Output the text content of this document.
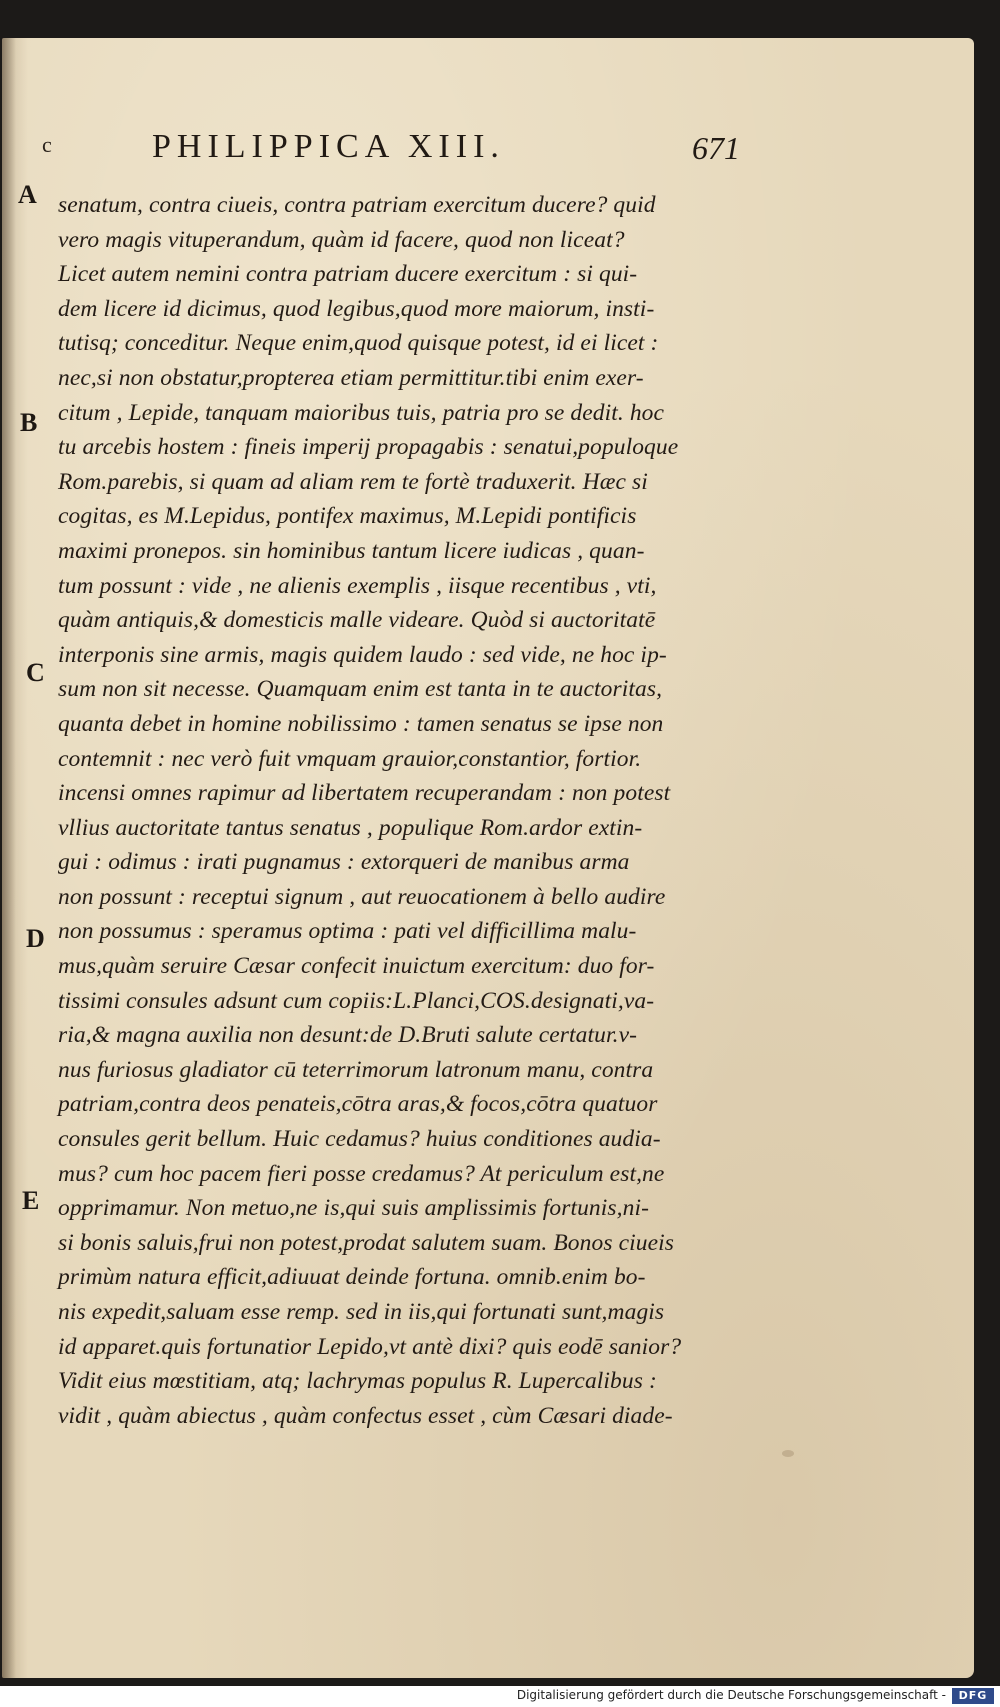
c	PHILIPPICA XIII.	671
A
B
C
D
E
senatum, contra ciueis, contra patriam exercitum ducere? quid
vero magis vituperandum, quàm id facere, quod non liceat?
Licet autem nemini contra patriam ducere exercitum : si qui-
dem licere id dicimus, quod legibus,quod more maiorum, insti-
tutisq; conceditur. Neque enim,quod quisque potest, id ei licet :
nec,si non obstatur,propterea etiam permittitur.tibi enim exer-
citum , Lepide, tanquam maioribus tuis, patria pro se dedit. hoc
tu arcebis hostem : fineis imperij propagabis : senatui,populoque
Rom.parebis, si quam ad aliam rem te fortè traduxerit. Hæc si
cogitas, es M.Lepidus, pontifex maximus, M.Lepidi pontificis
maximi pronepos. sin hominibus tantum licere iudicas , quan-
tum possunt : vide , ne alienis exemplis , iisque recentibus , vti,
quàm antiquis,& domesticis malle videare. Quòd si auctoritatē
interponis sine armis, magis quidem laudo : sed vide, ne hoc ip-
sum non sit necesse. Quamquam enim est tanta in te auctoritas,
quanta debet in homine nobilissimo : tamen senatus se ipse non
contemnit : nec verò fuit vmquam grauior,constantior, fortior.
incensi omnes rapimur ad libertatem recuperandam : non potest
vllius auctoritate tantus senatus , populique Rom.ardor extin-
gui : odimus : irati pugnamus : extorqueri de manibus arma
non possunt : receptui signum , aut reuocationem à bello audire
non possumus : speramus optima : pati vel difficillima malu-
mus,quàm seruire Cæsar confecit inuictum exercitum: duo for-
tissimi consules adsunt cum copiis:L.Planci,COS.designati,va-
ria,& magna auxilia non desunt:de D.Bruti salute certatur.v-
nus furiosus gladiator cū teterrimorum latronum manu, contra
patriam,contra deos penateis,cōtra aras,& focos,cōtra quatuor
consules gerit bellum. Huic cedamus? huius conditiones audia-
mus? cum hoc pacem fieri posse credamus? At periculum est,ne
opprimamur. Non metuo,ne is,qui suis amplissimis fortunis,ni-
si bonis saluis,frui non potest,prodat salutem suam. Bonos ciueis
primùm natura efficit,adiuuat deinde fortuna. omnib.enim bo-
nis expedit,saluam esse remp. sed in iis,qui fortunati sunt,magis
id apparet.quis fortunatior Lepido,vt antè dixi? quis eodē sanior?
Vidit eius mœstitiam, atq; lachrymas populus R. Lupercalibus :
vidit , quàm abiectus , quàm confectus esset , cùm Cæsari diade-
Digitalisierung gefördert durch die Deutsche Forschungsgemeinschaft -	DFG
